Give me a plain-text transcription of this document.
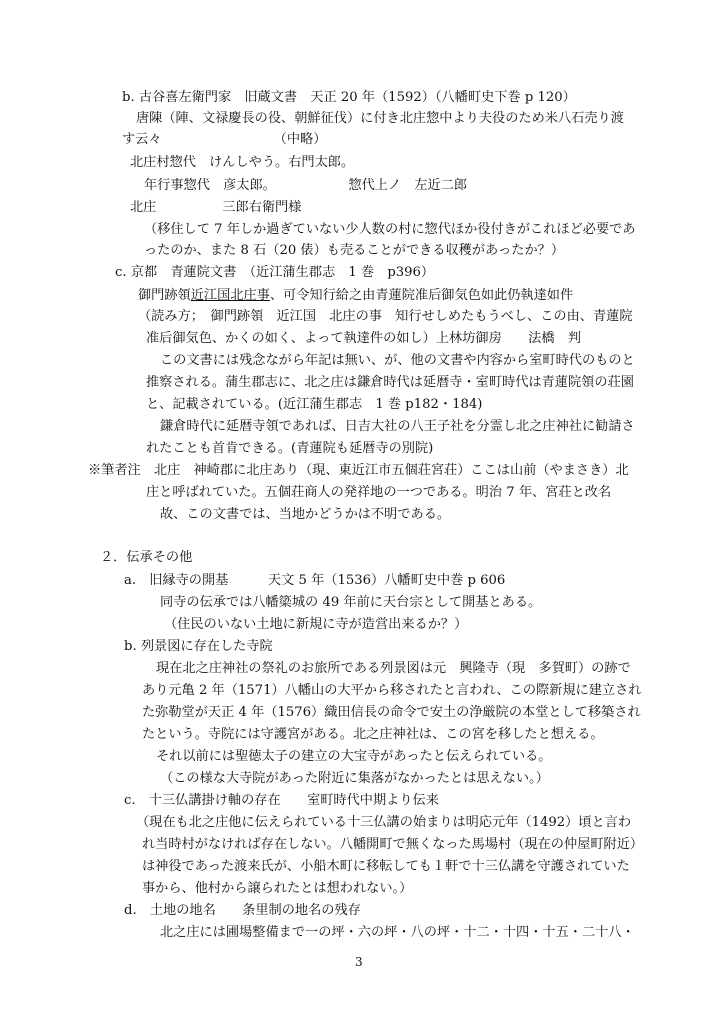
b. 古谷喜左衛門家　旧蔵文書　天正 20 年（1592）（八幡町史下巻 p 120）
唐陳（陣、文禄慶長の役、朝鮮征伐）に付き北庄惣中より夫役のため米八石売り渡
す云々　　　　　　　　　（中略）
北庄村惣代　けんしやう。右門太郎。
年行事惣代　彦太郎。　　　　　　惣代上ノ　左近二郎
北庄　　　　　三郎右衛門様
（移住して 7 年しか過ぎていない少人数の村に惣代ほか役付きがこれほど必要であ
ったのか、また 8 石（20 俵）も売ることができる収穫があったか？）
c. 京都　青蓮院文書　（近江蒲生郡志　1 巻　p396）
御門跡領近江国北庄事、可令知行給之由青蓮院准后御気色如此仍執達如件
（読み方；　御門跡領　近江国　北庄の事　知行せしめたもうべし、この由、青蓮院
准后御気色、かくの如く、よって執達件の如し）上林坊御房　　法橋　判
この文書には残念ながら年記は無い、が、他の文書や内容から室町時代のものと
推察される。蒲生郡志に、北之庄は鎌倉時代は延暦寺・室町時代は青蓮院領の荘園
と、記載されている。(近江蒲生郡志　1 巻 p182・184)
鎌倉時代に延暦寺領であれば、日吉大社の八王子社を分霊し北之庄神社に勧請さ
れたことも首肯できる。(青蓮院も延暦寺の別院)
※筆者注　北庄　神崎郡に北庄あり（現、東近江市五個荘宮荘）ここは山前（やまさき）北
庄と呼ばれていた。五個荘商人の発祥地の一つである。明治 7 年、宮荘と改名
故、この文書では、当地かどうかは不明である。
２．伝承その他
a.　旧縁寺の開基　　　天文 5 年（1536）八幡町史中巻 p 606
同寺の伝承では八幡簗城の 49 年前に天台宗として開基とある。
（住民のいない土地に新規に寺が造営出来るか？）
b. 列景図に存在した寺院
現在北之庄神社の祭礼のお旅所である列景図は元　興隆寺（現　多賀町）の跡で
あり元亀 2 年（1571）八幡山の大平から移されたと言われ、この際新規に建立され
た弥勒堂が天正 4 年（1576）織田信長の命令で安土の浄厳院の本堂として移築され
たという。寺院には守護宮がある。北之庄神社は、この宮を移したと想える。
それ以前には聖徳太子の建立の大宝寺があったと伝えられている。
（この様な大寺院があった附近に集落がなかったとは思えない。）
c.　十三仏講掛け軸の存在　　室町時代中期より伝来
（現在も北之庄他に伝えられている十三仏講の始まりは明応元年（1492）頃と言わ
れ当時村がなければ存在しない。八幡開町で無くなった馬場村（現在の仲屋町附近）
は神役であった渡来氏が、小船木町に移転しても１軒で十三仏講を守護されていた
事から、他村から譲られたとは想われない。）
d.　土地の地名　　条里制の地名の残存
北之庄には圃場整備まで一の坪・六の坪・八の坪・十二・十四・十五・二十八・
3
